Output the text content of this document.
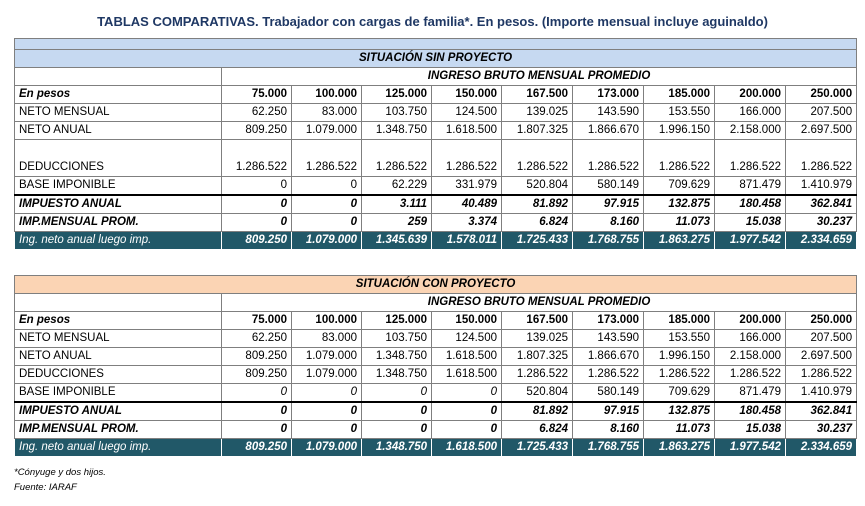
TABLAS COMPARATIVAS. Trabajador con cargas de familia*. En pesos. (Importe mensual incluye aguinaldo)

SITUACIÓN SIN PROYECTO									
	INGRESO BRUTO MENSUAL PROMEDIO								
En pesos	75.000	100.000	125.000	150.000	167.500	173.000	185.000	200.000	250.000
NETO MENSUAL	62.250	83.000	103.750	124.500	139.025	143.590	153.550	166.000	207.500
NETO ANUAL	809.250	1.079.000	1.348.750	1.618.500	1.807.325	1.866.670	1.996.150	2.158.000	2.697.500
DEDUCCIONES	1.286.522	1.286.522	1.286.522	1.286.522	1.286.522	1.286.522	1.286.522	1.286.522	1.286.522
BASE IMPONIBLE	0	0	62.229	331.979	520.804	580.149	709.629	871.479	1.410.979
IMPUESTO ANUAL	0	0	3.111	40.489	81.892	97.915	132.875	180.458	362.841
IMP.MENSUAL PROM.	0	0	259	3.374	6.824	8.160	11.073	15.038	30.237
Ing. neto anual luego imp.	809.250	1.079.000	1.345.639	1.578.011	1.725.433	1.768.755	1.863.275	1.977.542	2.334.659
SITUACIÓN CON PROYECTO									
	INGRESO BRUTO MENSUAL PROMEDIO								
En pesos	75.000	100.000	125.000	150.000	167.500	173.000	185.000	200.000	250.000
NETO MENSUAL	62.250	83.000	103.750	124.500	139.025	143.590	153.550	166.000	207.500
NETO ANUAL	809.250	1.079.000	1.348.750	1.618.500	1.807.325	1.866.670	1.996.150	2.158.000	2.697.500
DEDUCCIONES	809.250	1.079.000	1.348.750	1.618.500	1.286.522	1.286.522	1.286.522	1.286.522	1.286.522
BASE IMPONIBLE	0	0	0	0	520.804	580.149	709.629	871.479	1.410.979
IMPUESTO ANUAL	0	0	0	0	81.892	97.915	132.875	180.458	362.841
IMP.MENSUAL PROM.	0	0	0	0	6.824	8.160	11.073	15.038	30.237
Ing. neto anual luego imp.	809.250	1.079.000	1.348.750	1.618.500	1.725.433	1.768.755	1.863.275	1.977.542	2.334.659
*Cónyuge y dos hijos.
Fuente: IARAF
